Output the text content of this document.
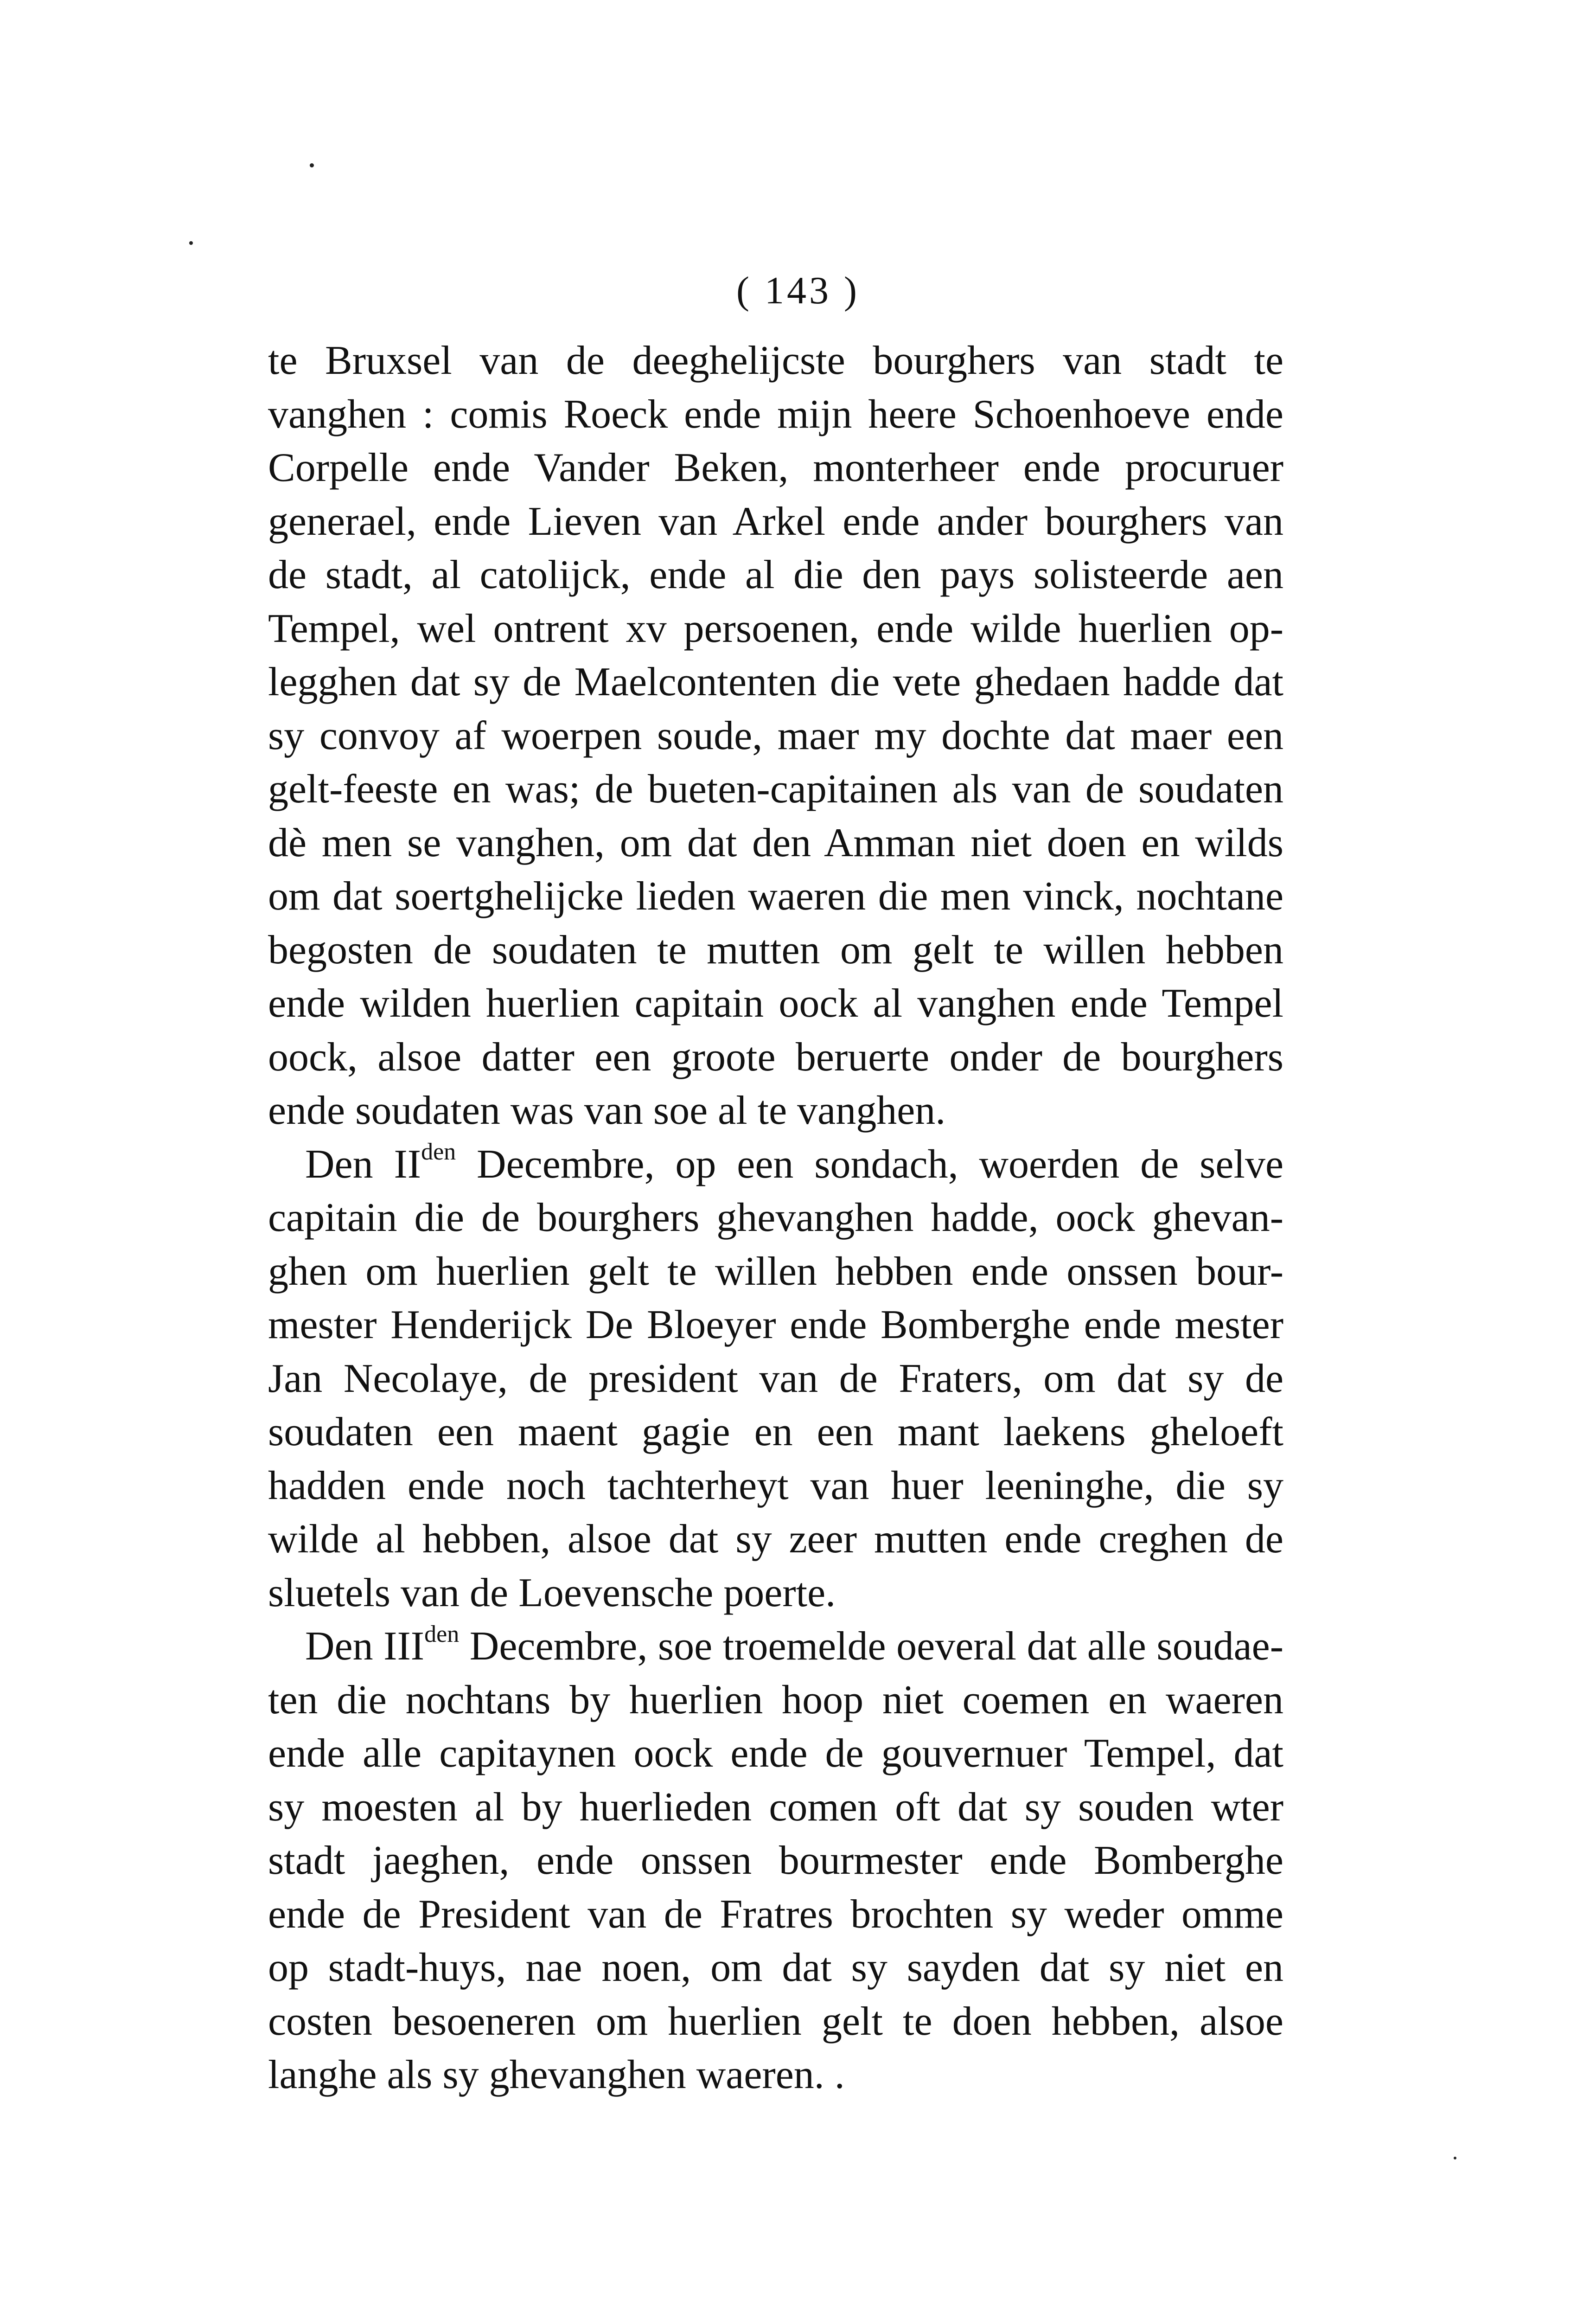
( 143 )
te Bruxsel van de deeghelijcste bourghers van stadt te
vanghen : comis Roeck ende mijn heere Schoenhoeve ende
Corpelle ende Vander Beken, monterheer ende procuruer
generael, ende Lieven van Arkel ende ander bourghers van
de stadt, al catolijck, ende al die den pays solisteerde aen
Tempel, wel ontrent xv persoenen, ende wilde huerlien op-
legghen dat sy de Maelcontenten die vete ghedaen hadde dat
sy convoy af woerpen soude, maer my dochte dat maer een
gelt-feeste en was; de bueten-capitainen als van de soudaten
dè men se vanghen, om dat den Amman niet doen en wilds
om dat soertghelijcke lieden waeren die men vinck, nochtane
begosten de soudaten te mutten om gelt te willen hebben
ende wilden huerlien capitain oock al vanghen ende Tempel
oock, alsoe datter een groote beruerte onder de bourghers
ende soudaten was van soe al te vanghen.
Den $II^{den}$ Decembre, op een sondach, woerden de selve
capitain die de bourghers ghevanghen hadde, oock ghevan-
ghen om huerlien gelt te willen hebben ende onssen bour-
mester Henderijck De Bloeyer ende Bomberghe ende mester
Jan Necolaye, de president van de Fraters, om dat sy de
soudaten een maent gagie en een mant laekens gheloeft
hadden ende noch tachterheyt van huer leeninghe, die sy
wilde al hebben, alsoe dat sy zeer mutten ende creghen de
sluetels van de Loevensche poerte.
Den $III^{den}$ Decembre, soe troemelde oeveral dat alle soudae-
ten die nochtans by huerlien hoop niet coemen en waeren
ende alle capitaynen oock ende de gouvernuer Tempel, dat
sy moesten al by huerlieden comen oft dat sy souden wter
stadt jaeghen, ende onssen bourmester ende Bomberghe
ende de President van de Fratres brochten sy weder omme
op stadt-huys, nae noen, om dat sy sayden dat sy niet en
costen besoeneren om huerlien gelt te doen hebben, alsoe
langhe als sy ghevanghen waeren. .
